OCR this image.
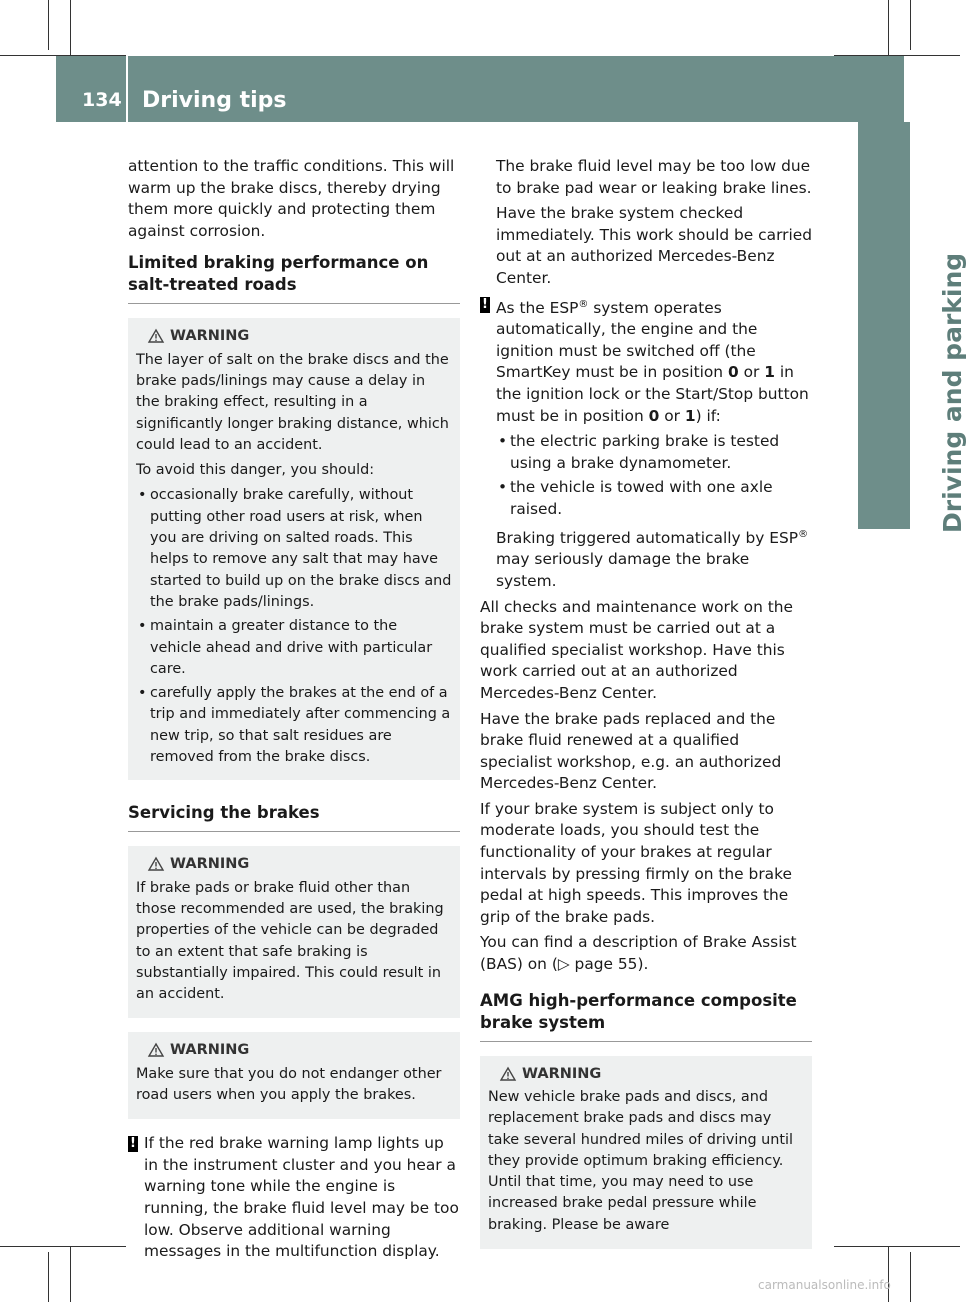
134 Driving tips
Driving and parking

attention to the traffic conditions. This will warm up the brake discs, thereby drying them more quickly and protecting them against corrosion.

Limited braking performance on salt-treated roads
WARNING

The layer of salt on the brake discs and the brake pads/linings may cause a delay in the braking effect, resulting in a significantly longer braking distance, which could lead to an accident.

To avoid this danger, you should:

• occasionally brake carefully, without putting other road users at risk, when you are driving on salted roads. This helps to remove any salt that may have started to build up on the brake discs and the brake pads/linings.
• maintain a greater distance to the vehicle ahead and drive with particular care.
• carefully apply the brakes at the end of a trip and immediately after commencing a new trip, so that salt residues are removed from the brake discs.
Servicing the brakes
WARNING

If brake pads or brake fluid other than those recommended are used, the braking properties of the vehicle can be degraded to an extent that safe braking is substantially impaired. This could result in an accident.

WARNING

Make sure that you do not endanger other road users when you apply the brakes.

! If the red brake warning lamp lights up in the instrument cluster and you hear a warning tone while the engine is running, the brake fluid level may be too low. Observe additional warning messages in the multifunction display.

The brake fluid level may be too low due to brake pad wear or leaking brake lines.

Have the brake system checked immediately. This work should be carried out at an authorized Mercedes-Benz Center.

! As the ESP® system operates automatically, the engine and the ignition must be switched off (the SmartKey must be in position 0 or 1 in the ignition lock or the Start/Stop button must be in position 0 or 1) if:
• the electric parking brake is tested using a brake dynamometer.
• the vehicle is towed with one axle raised.

Braking triggered automatically by ESP® may seriously damage the brake system.

All checks and maintenance work on the brake system must be carried out at a qualified specialist workshop. Have this work carried out at an authorized Mercedes-Benz Center.

Have the brake pads replaced and the brake fluid renewed at a qualified specialist workshop, e.g. an authorized Mercedes-Benz Center.

If your brake system is subject only to moderate loads, you should test the functionality of your brakes at regular intervals by pressing firmly on the brake pedal at high speeds. This improves the grip of the brake pads.

You can find a description of Brake Assist (BAS) on (▷ page 55).

AMG high-performance composite brake system
WARNING

New vehicle brake pads and discs, and replacement brake pads and discs may take several hundred miles of driving until they provide optimum braking efficiency. Until that time, you may need to use increased brake pedal pressure while braking. Please be aware

carmanualsonline.info
